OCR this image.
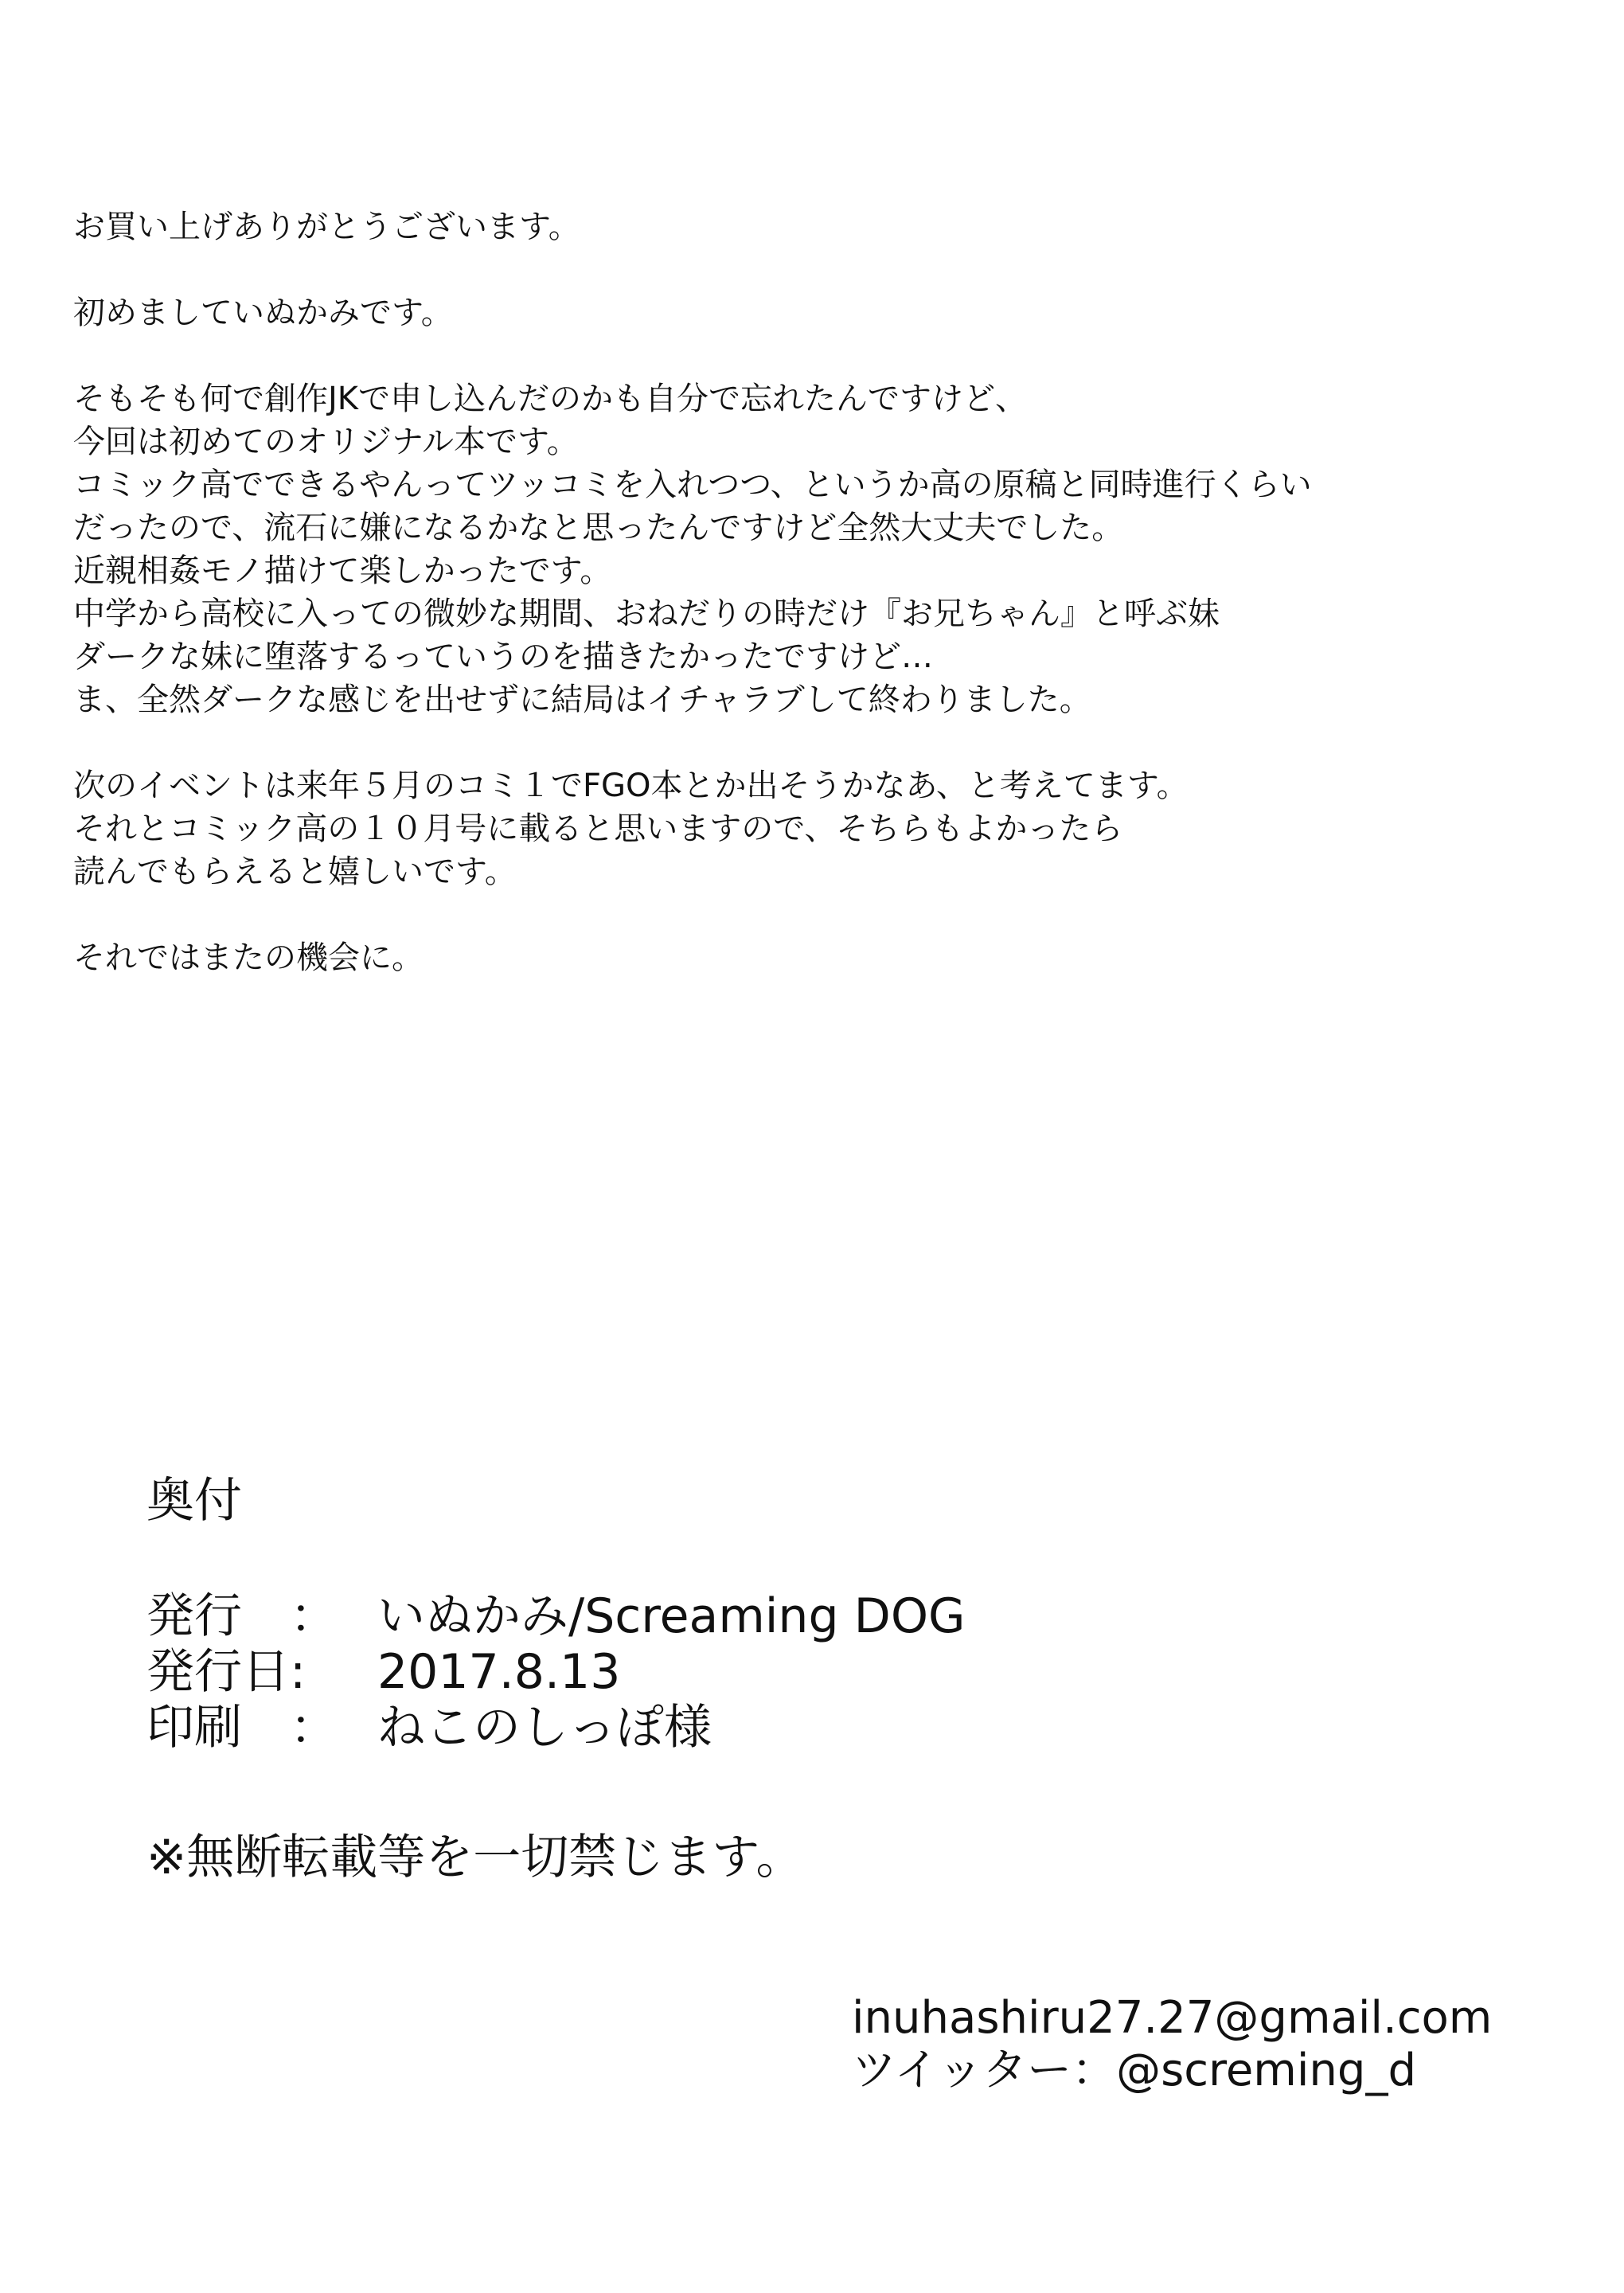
お買い上げありがとうございます。

初めましていぬかみです。

そもそも何で創作JKで申し込んだのかも自分で忘れたんですけど、

今回は初めてのオリジナル本です。

コミック高でできるやんってツッコミを入れつつ、というか高の原稿と同時進行くらい

だったので、流石に嫌になるかなと思ったんですけど全然大丈夫でした。

近親相姦モノ描けて楽しかったです。

中学から高校に入っての微妙な期間、おねだりの時だけ『お兄ちゃん』と呼ぶ妹

ダークな妹に堕落するっていうのを描きたかったですけど…

ま、全然ダークな感じを出せずに結局はイチャラブして終わりました。

次のイベントは来年５月のコミ１でFGO本とか出そうかなあ、と考えてます。

それとコミック高の１０月号に載ると思いますので、そちらもよかったら

読んでもらえると嬉しいです。

それではまたの機会に。

奥付
発行　： いぬかみ/Screaming DOG
発行日:	2017.8.13
印刷　： ねこのしっぽ様

※無断転載等を一切禁じます。

inuhashiru27.27@gmail.com
ツイッター：@screming_d
